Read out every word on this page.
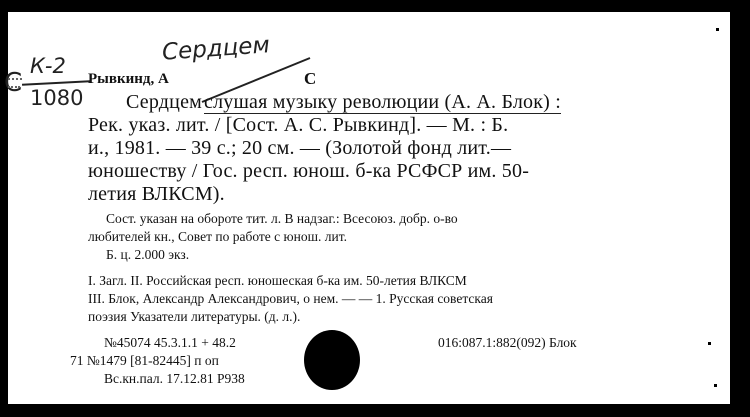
Сердцем
С
К-2
1080
Рывкинд, А	С
Сердцем слушая музыку революции (А. А. Блок) :
Рек. указ. лит. / [Сост. А. С. Рывкинд]. — М. : Б.
и., 1981. — 39 с.; 20 см. — (Золотой фонд лит.—
юношеству / Гос. респ. юнош. б-ка РСФСР им. 50-
летия ВЛКСМ).
Сост. указан на обороте тит. л. В надзаг.: Всесоюз. добр. о-во
любителей кн., Совет по работе с юнош. лит.
Б. ц. 2.000 экз.
I. Загл. II. Российская респ. юношеская б-ка им. 50-летия ВЛКСМ
III. Блок, Александр Александрович, о нем. — — 1. Русская советская
поэзия Указатели литературы. (д. л.).
№45074 45.3.1.1 + 48.2	016:087.1:882(092) Блок
71 №1479 [81-82445] п оп
Вс.кн.пал. 17.12.81 Р938
